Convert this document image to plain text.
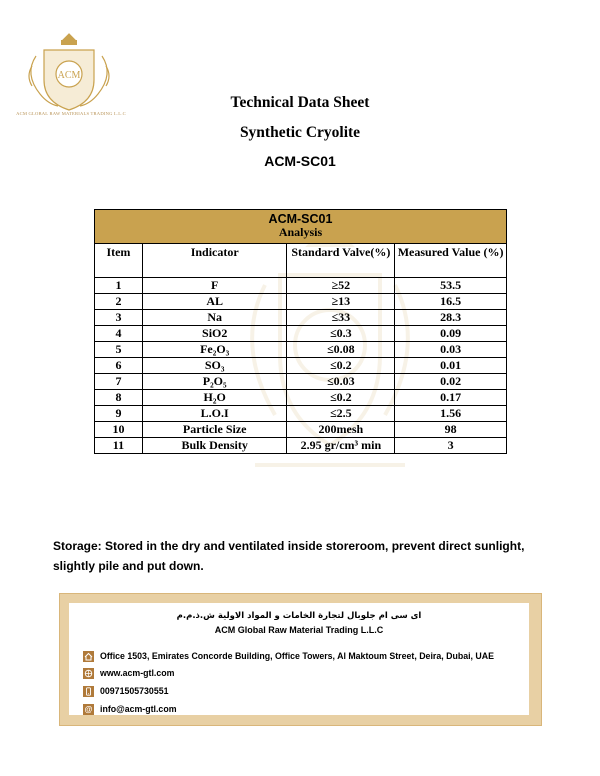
ACM
ACM GLOBAL RAW MATERIALS TRADING L.L.C
Technical Data Sheet
Synthetic Cryolite
ACM-SC01
ACM-SC01
Analysis			

Item	Indicator	Standard Valve(%)	Measured Value (%)
1	F	≥52	53.5
2	AL	≥13	16.5
3	Na	≤33	28.3
4	SiO2	≤0.3	0.09
5	Fe₂O₃	≤0.08	0.03
6	SO₃	≤0.2	0.01
7	P₂O₅	≤0.03	0.02
8	H₂O	≤0.2	0.17
9	L.O.I	≤2.5	1.56
10	Particle Size	200mesh	98
11	Bulk Density	2.95 gr/cm³ min	3
Storage: Stored in the dry and ventilated inside storeroom, prevent direct sunlight, slightly pile and put down.
ای سی ام جلوبال لتجارة الخامات و المواد الاولیة ش.ذ.م.م
ACM Global Raw Material Trading L.L.C
Office 1503, Emirates Concorde Building, Office Towers, Al Maktoum Street, Deira, Dubai, UAE
www.acm-gtl.com
00971505730551
@ info@acm-gtl.com
